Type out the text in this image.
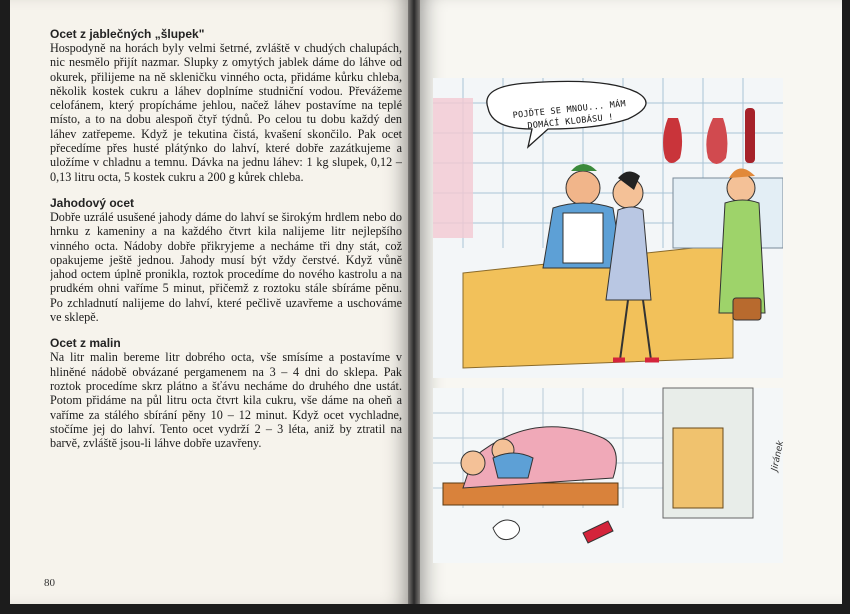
Ocet z jablečných „šlupek"

Hospodyně na horách byly velmi šetrné, zvláště v chudých chalupách, nic nesmělo přijít nazmar. Slupky z omytých jablek dáme do láhve od okurek, přilijeme na ně skleničku vinného octa, přidáme kůrku chleba, několik kostek cukru a láhev doplníme studniční vodou. Převážeme celofánem, který propícháme jehlou, načež láhev postavíme na teplé místo, a to na dobu alespoň čtyř týdnů. Po celou tu dobu každý den láhev zatřepeme. Když je tekutina čistá, kvašení skončilo. Pak ocet přecedíme přes husté plátýnko do lahví, které dobře zazátkujeme a uložíme v chladnu a temnu. Dávka na jednu láhev: 1 kg slupek, 0,12 – 0,13 litru octa, 5 kostek cukru a 200 g kůrek chleba.

Jahodový ocet

Dobře uzrálé usušené jahody dáme do lahví se širokým hrdlem nebo do hrnku z kameniny a na každého čtvrt kila nalijeme litr nejlepšího vinného octa. Nádoby dobře přikryjeme a necháme tři dny stát, což opakujeme ještě jednou. Jahody musí být vždy čerstvé. Když vůně jahod octem úplně pronikla, roztok procedíme do nového kastrolu a na prudkém ohni vaříme 5 minut, přičemž z roztoku stále sbíráme pěnu. Po zchladnutí nalijeme do lahví, které pečlivě uzavřeme a uschováme ve sklepě.

Ocet z malin

Na litr malin bereme litr dobrého octa, vše smísíme a postavíme v hliněné nádobě obvázané pergamenem na 3 – 4 dni do sklepa. Pak roztok procedíme skrz plátno a šťávu necháme do druhého dne ustát. Potom přidáme na půl litru octa čtvrt kila cukru, vše dáme na oheň a vaříme za stálého sbírání pěny 10 – 12 minut. Když ocet vychladne, stočíme jej do lahví. Tento ocet vydrží 2 – 3 léta, aniž by ztratil na barvě, zvláště jsou-li láhve dobře uzavřeny.

80
POJĎTE SE MNOU... MÁM DOMÁCÍ KLOBÁSU !
Jiránek
